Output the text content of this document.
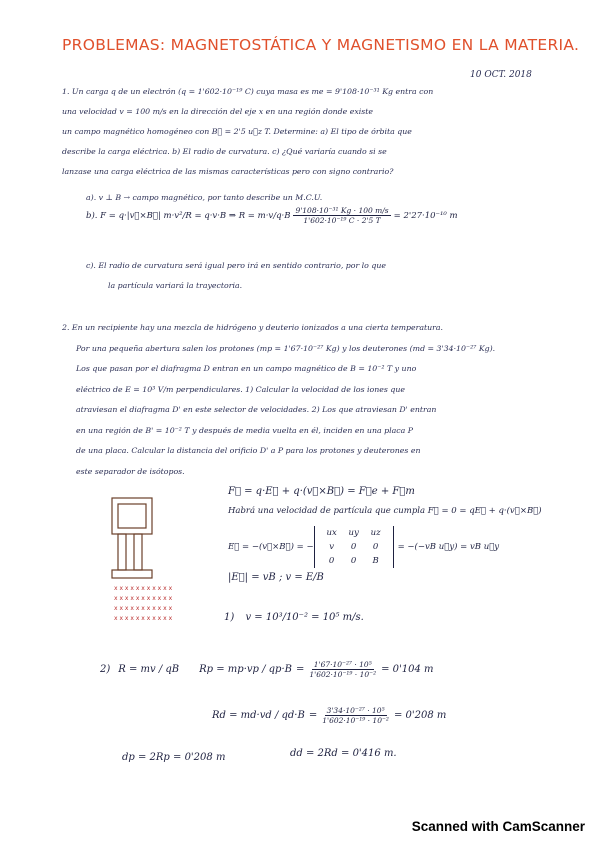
PROBLEMAS: MAGNETOSTÁTICA Y MAGNETISMO EN LA MATERIA.
10 OCT. 2018
1. Un carga q de un electrón (q = 1'602·10⁻¹⁹ C) cuya masa es me = 9'108·10⁻³¹ Kg entra con
una velocidad v = 100 m/s en la dirección del eje x en una región donde existe
un campo magnético homogéneo con B⃗ = 2'5 u⃗z T. Determine: a) El tipo de órbita que
describe la carga eléctrica. b) El radio de curvatura. c) ¿Qué variaría cuando si se
lanzase una carga eléctrica de las mismas características pero con signo contrario?
a). v ⊥ B → campo magnético, por tanto describe un M.C.U.
b). F = q·|v⃗×B⃗| m·v²/R = q·v·B ⇒ $R = m\cdot v/q\cdot B \frac{\text{9'108·10⁻³¹ Kg · 100 m/s}}{\text{1'602·10⁻¹⁹ C · 2'5 T}} = 2'27\cdot 10^{-10}$ m
c). El radio de curvatura será igual pero irá en sentido contrario, por lo que
la partícula variará la trayectoria.
2. En un recipiente hay una mezcla de hidrógeno y deuterio ionizados a una cierta temperatura.
Por una pequeña abertura salen los protones (mp = 1'67·10⁻²⁷ Kg) y los deuterones (md = 3'34·10⁻²⁷ Kg).
Los que pasan por el diafragma D entran en un campo magnético de B = 10⁻² T y uno
eléctrico de E = 10³ V/m perpendiculares. 1) Calcular la velocidad de los iones que
atraviesan el diafragma D' en este selector de velocidades. 2) Los que atraviesan D' entran
en una región de B' = 10⁻² T y después de media vuelta en él, inciden en una placa P
de una placa. Calcular la distancia del orificio D' a P para los protones y deuterones en
este separador de isótopos.
x x x x x x x x x x x
x x x x x x x x x x x
x x x x x x x x x x x
x x x x x x x x x x x
F⃗ = q·E⃗ + q·(v⃗×B⃗) = F⃗e + F⃗m
Habrá una velocidad de partícula que cumpla F⃗ = 0 = qE⃗ + q·(v⃗×B⃗)
E⃗ = −(v⃗×B⃗) = −
ux	uy	uz
v	0	0
0	0	B
= −(−vB u⃗y) = vB u⃗y
|E⃗| = vB ; v = E/B
1) v = 10³/10⁻² = 10⁵ m/s.
2) R = mv / qB $Rp = mp\cdot vp / qp\cdot B = \frac{\text{1'67·10⁻²⁷ · 10⁵}}{\text{1'602·10⁻¹⁹ · 10⁻²}} = 0'104$ m
$Rd = md\cdot vd / qd\cdot B = \frac{\text{3'34·10⁻²⁷ · 10⁵}}{\text{1'602·10⁻¹⁹ · 10⁻²}} = 0'208$ m
dp = 2Rp = 0'208 m	dd = 2Rd = 0'416 m.
Scanned with CamScanner
